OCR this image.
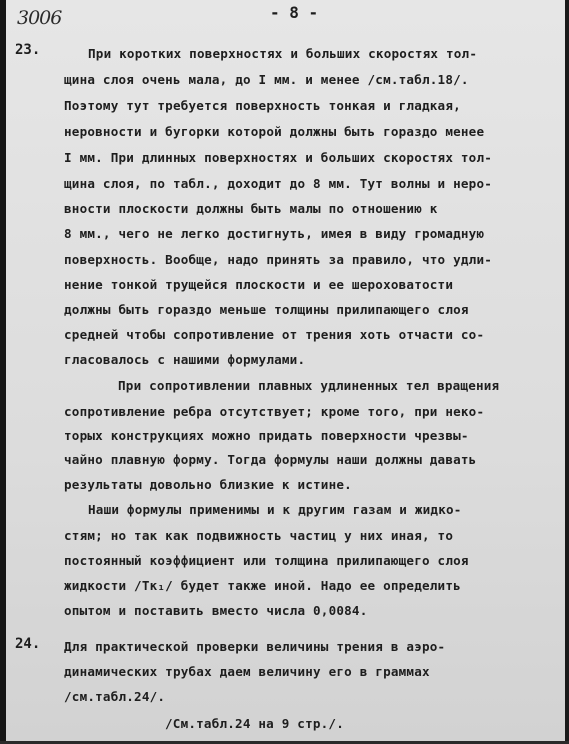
3006	- 8 -
23.	При коротких поверхностях и больших скоростях тол-
щина слоя очень мала, до I мм. и менее /см.табл.18/.
Поэтому тут требуется поверхность тонкая и гладкая,
неровности и бугорки которой должны быть гораздо менее
I мм. При длинных поверхностях и больших скоростях тол-
щина слоя, по табл., доходит до 8 мм. Тут волны и неро-
вности плоскости должны быть малы по отношению к
8 мм., чего не легко достигнуть, имея в виду громадную
поверхность. Вообще, надо принять за правило, что удли-
нение тонкой трущейся плоскости и ее шероховатости
должны быть гораздо меньше толщины прилипающего слоя
средней чтобы сопротивление от трения хоть отчасти со-
гласовалось с нашими формулами.
При сопротивлении плавных удлиненных тел вращения
сопротивление ребра отсутствует; кроме того, при неко-
торых конструкциях можно придать поверхности чрезвы-
чайно плавную форму. Тогда формулы наши должны давать
результаты довольно близкие к истине.
Наши формулы применимы и к другим газам и жидко-
стям; но так как подвижность частиц у них иная, то
постоянный коэффициент или толщина прилипающего слоя
жидкости /Тк₁/ будет также иной. Надо ее определить
опытом и поставить вместо числа 0,0084.
24. Для практической проверки величины трения в аэро-
динамических трубах даем величину его в граммах
/см.табл.24/.
/См.табл.24 на 9 стр./.
